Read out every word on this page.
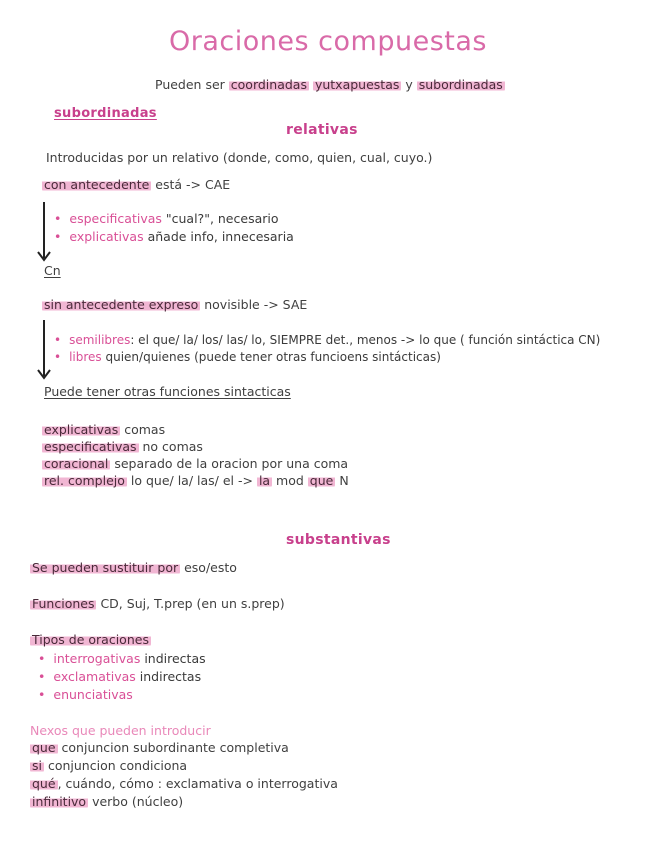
Oraciones compuestas
Pueden ser coordinadas yutxapuestas y subordinadas
subordinadas
relativas
Introducidas por un relativo (donde, como, quien, cual, cuyo.)
con antecedente está -> CAE
• especificativas "cual?", necesario
• explicativas añade info, innecesaria
Cn
sin antecedente expreso novisible -> SAE
• semilibres: el que/ la/ los/ las/ lo, SIEMPRE det., menos -> lo que ( función sintáctica CN)
• libres quien/quienes (puede tener otras funcioens sintácticas)
Puede tener otras funciones sintacticas
explicativas comas
especificativas no comas
coracional separado de la oracion por una coma
rel. complejo lo que/ la/ las/ el -> la mod que N
substantivas
Se pueden sustituir por eso/esto
Funciones CD, Suj, T.prep (en un s.prep)
Tipos de oraciones
• interrogativas indirectas
• exclamativas indirectas
• enunciativas
Nexos que pueden introducir
que conjuncion subordinante completiva
si conjuncion condiciona
qué , cuándo, cómo : exclamativa o interrogativa
infinitivo verbo (núcleo)
